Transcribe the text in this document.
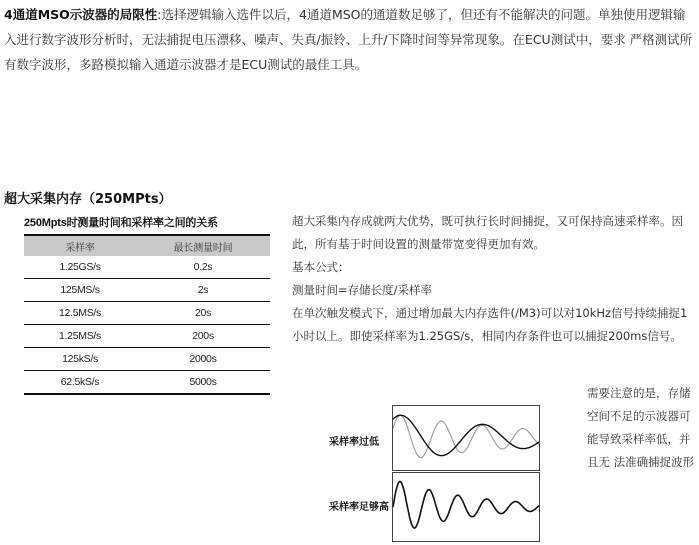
4通道MSO示波器的局限性:选择逻辑输入选件以后，4通道MSO的通道数足够了，但还有不能解决的问题。单独使用逻辑输入进行数字波形分析时，无法捕捉电压漂移、噪声、失真/振铃、上升/下降时间等异常现象。在ECU测试中，要求 严格测试所有数字波形，多路模拟输入通道示波器才是ECU测试的最佳工具。

超大采集内存（250MPts）

250Mpts时测量时间和采样率之间的关系

采样率	最长测量时间
1.25GS/s	0.2s
125MS/s	2s
12.5MS/s	20s
1.25MS/s	200s
125kS/s	2000s
62.5kS/s	5000s

超大采集内存成就两大优势，既可执行长时间捕捉，又可保持高速采样率。因此，所有基于时间设置的测量带宽变得更加有效。

基本公式：

测量时间=存储长度/采样率

在单次触发模式下，通过增加最大内存选件(/M3)可以对10kHz信号持续捕捉1小时以上。即使采样率为1.25GS/s，相同内存条件也可以捕捉200ms信号。

需要注意的是，存储空间不足的示波器可能导致采样率低，并且无 法准确捕捉波形

采样率过低
采样率足够高
